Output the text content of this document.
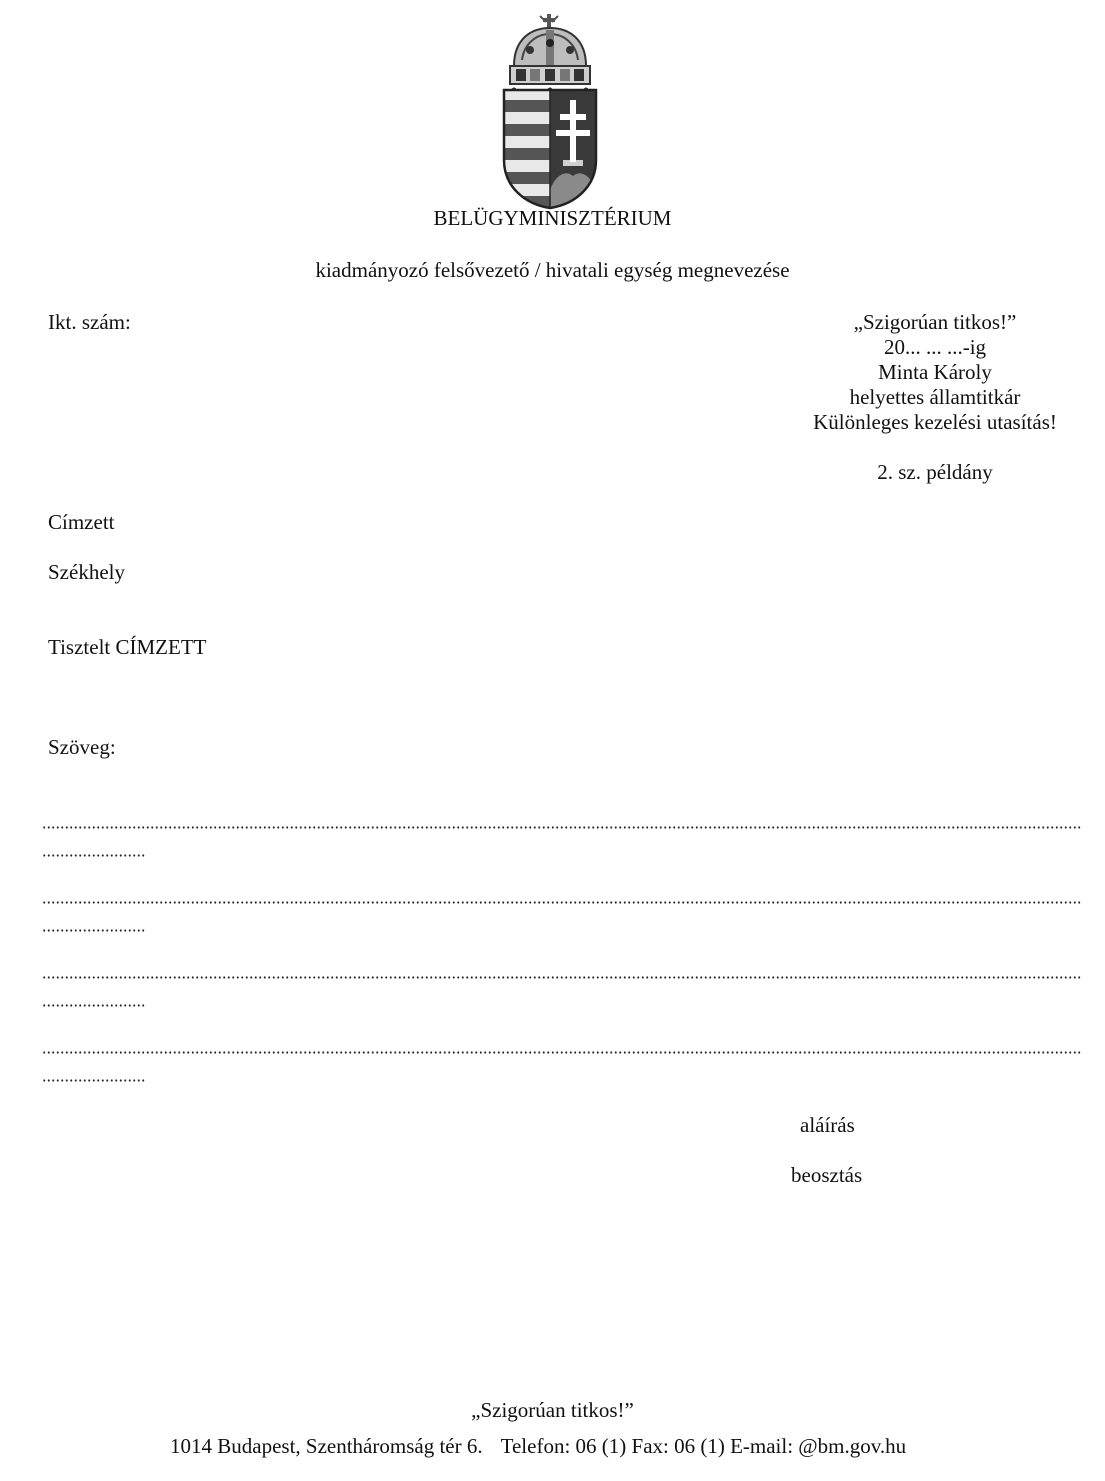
BELÜGYMINISZTÉRIUM
kiadmányozó felsővezető / hivatali egység megnevezése
Ikt. szám:	„Szigorúan titkos!”
20... ... ...-ig
Minta Károly
helyettes államtitkár
Különleges kezelési utasítás!
2. sz. példány
Címzett
Székhely
Tisztelt CÍMZETT
Szöveg:
aláírás
beosztás
„Szigorúan titkos!”
1014 Budapest, Szentháromság tér 6. Telefon: 06 (1) Fax: 06 (1) E-mail: @bm.gov.hu
